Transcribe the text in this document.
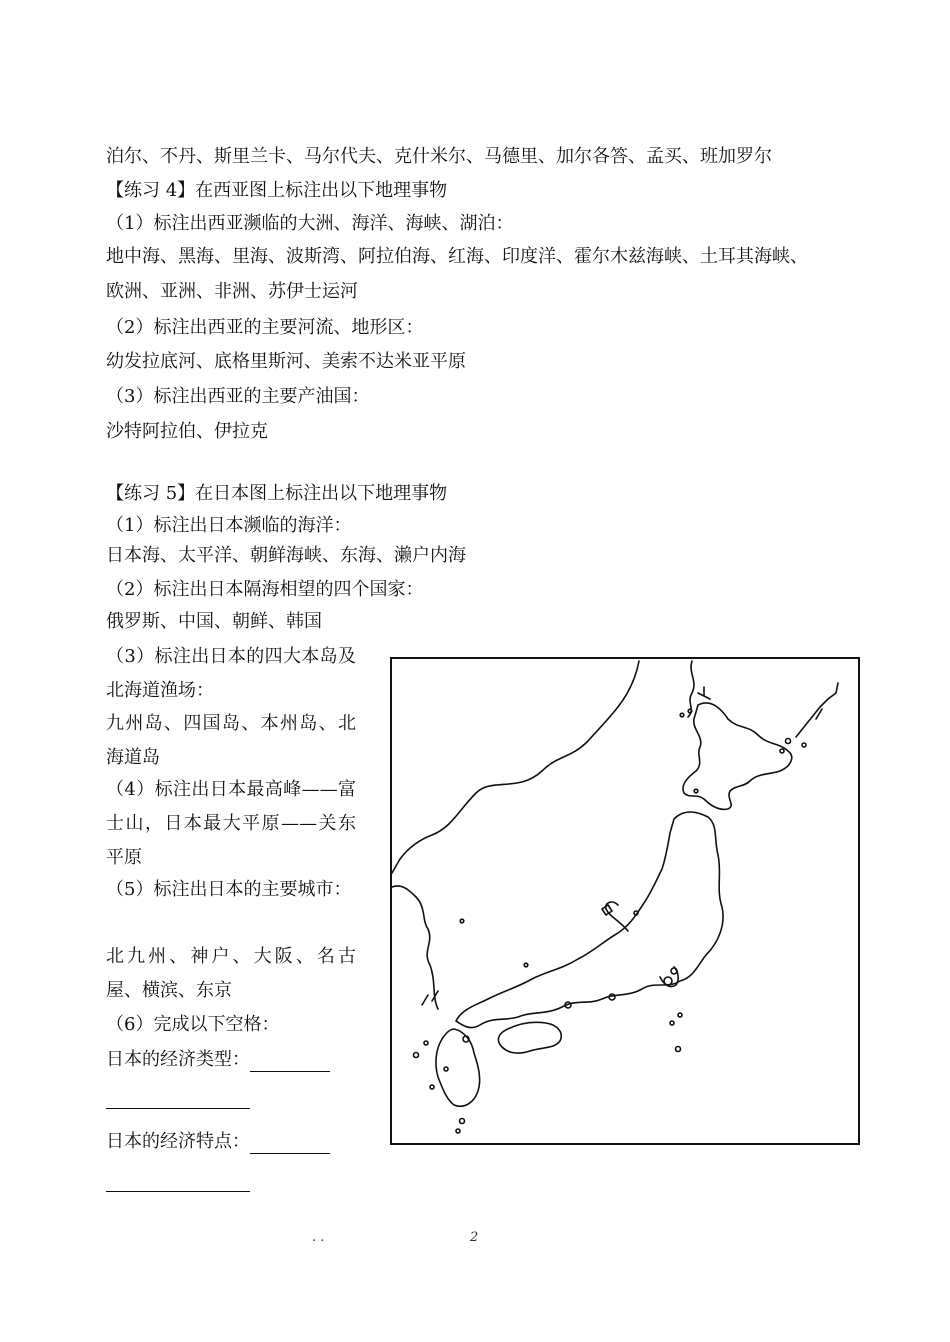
泊尔、不丹、斯里兰卡、马尔代夫、克什米尔、马德里、加尔各答、孟买、班加罗尔
【练习 4】在西亚图上标注出以下地理事物
（1）标注出西亚濒临的大洲、海洋、海峡、湖泊：
地中海、黑海、里海、波斯湾、阿拉伯海、红海、印度洋、霍尔木兹海峡、土耳其海峡、
欧洲、亚洲、非洲、苏伊士运河
（2）标注出西亚的主要河流、地形区：
幼发拉底河、底格里斯河、美索不达米亚平原
（3）标注出西亚的主要产油国：
沙特阿拉伯、伊拉克
【练习 5】在日本图上标注出以下地理事物
（1）标注出日本濒临的海洋：
日本海、太平洋、朝鲜海峡、东海、濑户内海
（2）标注出日本隔海相望的四个国家：
俄罗斯、中国、朝鲜、韩国
（3）标注出日本的四大本岛及北海道渔场：
九州岛、四国岛、本州岛、北海道岛
（4）标注出日本最高峰——富士山，日本最大平原——关东平原
（5）标注出日本的主要城市：
北九州、神户、大阪、名古屋、横滨、东京
（6）完成以下空格：
日本的经济类型：
日本的经济特点：
. .	2
